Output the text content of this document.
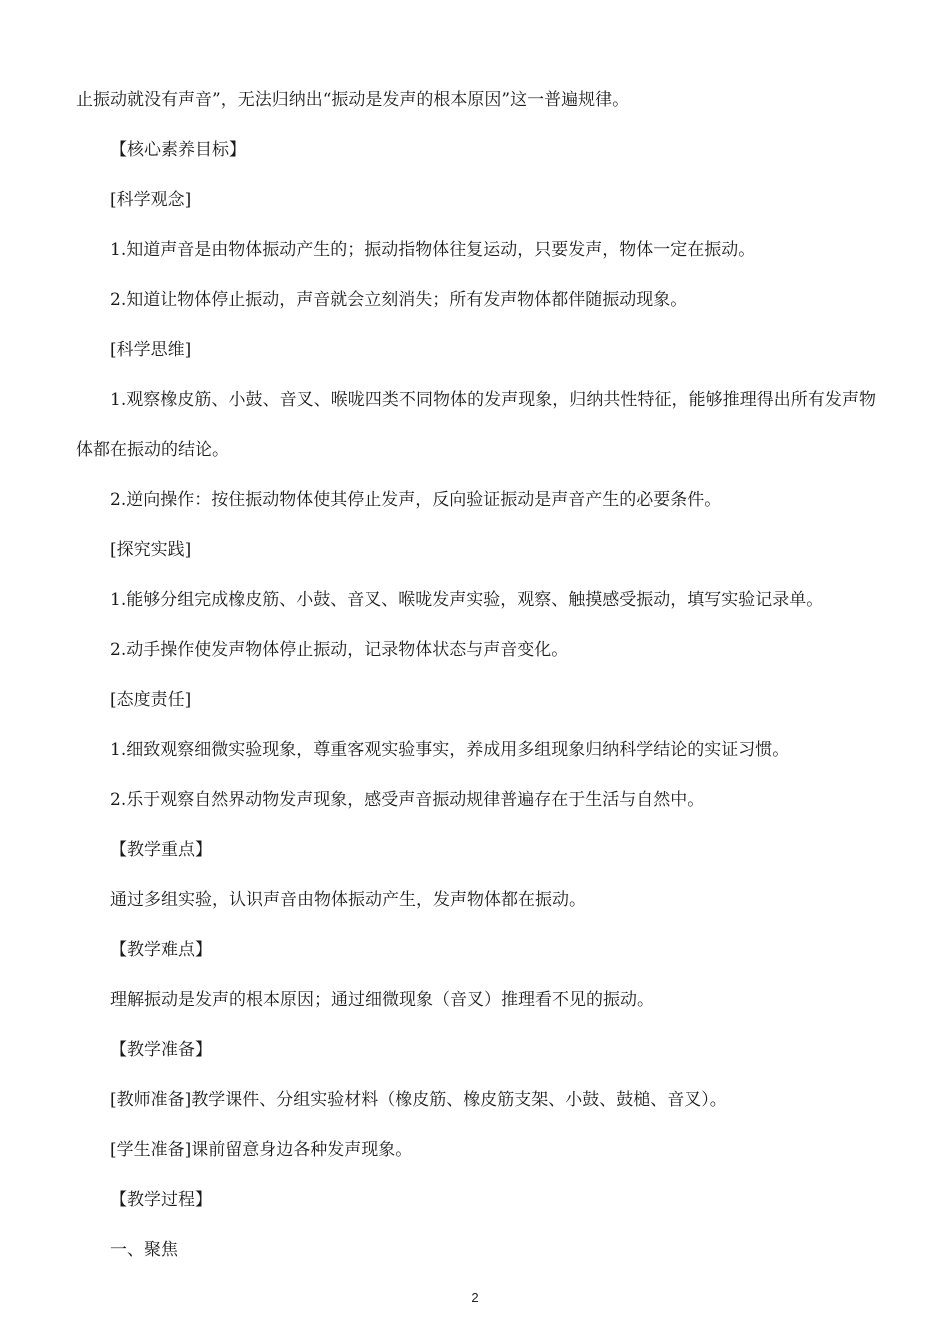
止振动就没有声音”，无法归纳出“振动是发声的根本原因”这一普遍规律。
【核心素养目标】
[科学观念]
1.知道声音是由物体振动产生的；振动指物体往复运动，只要发声，物体一定在振动。
2.知道让物体停止振动，声音就会立刻消失；所有发声物体都伴随振动现象。
[科学思维]
1.观察橡皮筋、小鼓、音叉、喉咙四类不同物体的发声现象，归纳共性特征，能够推理得出所有发声物体都在振动的结论。
2.逆向操作：按住振动物体使其停止发声，反向验证振动是声音产生的必要条件。
[探究实践]
1.能够分组完成橡皮筋、小鼓、音叉、喉咙发声实验，观察、触摸感受振动，填写实验记录单。
2.动手操作使发声物体停止振动，记录物体状态与声音变化。
[态度责任]
1.细致观察细微实验现象，尊重客观实验事实，养成用多组现象归纳科学结论的实证习惯。
2.乐于观察自然界动物发声现象，感受声音振动规律普遍存在于生活与自然中。
【教学重点】
通过多组实验，认识声音由物体振动产生，发声物体都在振动。
【教学难点】
理解振动是发声的根本原因；通过细微现象（音叉）推理看不见的振动。
【教学准备】
[教师准备]教学课件、分组实验材料（橡皮筋、橡皮筋支架、小鼓、鼓槌、音叉）。
[学生准备]课前留意身边各种发声现象。
【教学过程】
一、聚焦
2
